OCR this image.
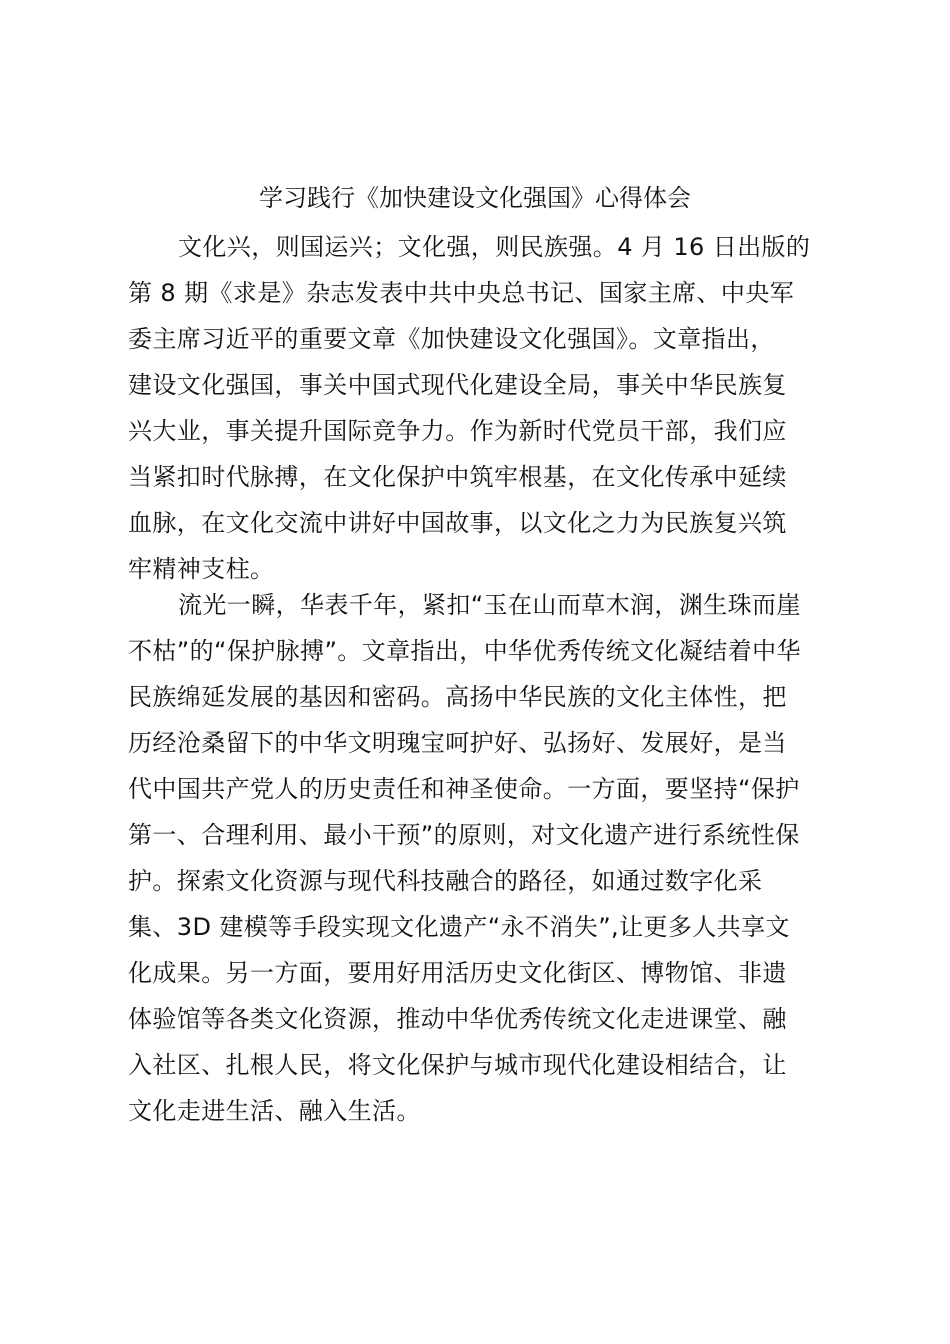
学习践行《加快建设文化强国》心得体会
文化兴，则国运兴；文化强，则民族强。4 月 16 日出版的
第 8 期《求是》杂志发表中共中央总书记、国家主席、中央军
委主席习近平的重要文章《加快建设文化强国》。文章指出，
建设文化强国，事关中国式现代化建设全局，事关中华民族复
兴大业，事关提升国际竞争力。作为新时代党员干部，我们应
当紧扣时代脉搏，在文化保护中筑牢根基，在文化传承中延续
血脉，在文化交流中讲好中国故事，以文化之力为民族复兴筑
牢精神支柱。
流光一瞬，华表千年，紧扣“玉在山而草木润，渊生珠而崖
不枯”的“保护脉搏”。文章指出，中华优秀传统文化凝结着中华
民族绵延发展的基因和密码。高扬中华民族的文化主体性，把
历经沧桑留下的中华文明瑰宝呵护好、弘扬好、发展好，是当
代中国共产党人的历史责任和神圣使命。一方面，要坚持“保护
第一、合理利用、最小干预”的原则，对文化遗产进行系统性保
护。探索文化资源与现代科技融合的路径，如通过数字化采
集、3D 建模等手段实现文化遗产“永不消失”,让更多人共享文
化成果。另一方面，要用好用活历史文化街区、博物馆、非遗
体验馆等各类文化资源，推动中华优秀传统文化走进课堂、融
入社区、扎根人民，将文化保护与城市现代化建设相结合，让
文化走进生活、融入生活。
